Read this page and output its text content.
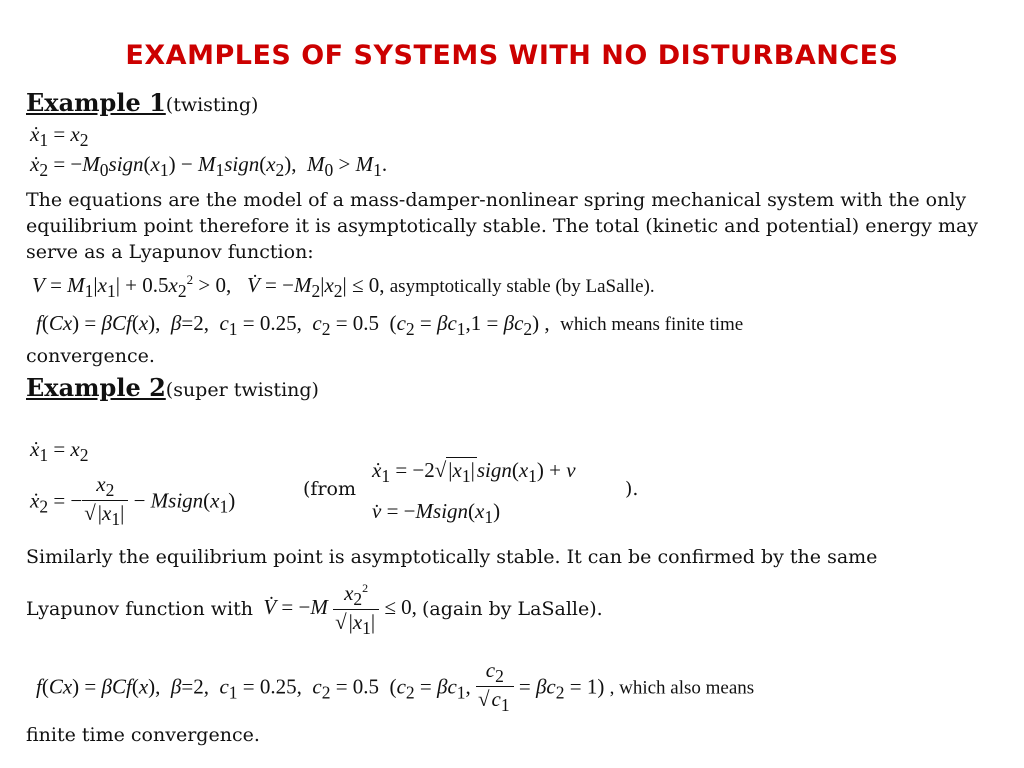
EXAMPLES OF SYSTEMS WITH NO DISTURBANCES
Example 1(twisting)
ẋ$_1$ = $x_2$
ẋ$_2$ = $-M_0sign(x_1)$ − $M_1sign(x_2)$,  $M_0 > M_1$.
The equations are the model of a mass-damper-nonlinear spring mechanical system with the only equilibrium point therefore it is asymptotically stable. The total (kinetic and potential) energy may serve as a Lyapunov function:
$V = M_1|x_1| + 0.5x_2^2 > 0$,   V̇ = $-M_2|x_2| \le 0$, asymptotically stable (by LaSalle).
f(Cx) = βCf(x),  β=2,  $c_1 = 0.25$,  $c_2 = 0.5$  $(c_2 = \beta c_1,1 = \beta c_2)$ ,  which means finite time
convergence.
Example 2(super twisting)
ẋ$_1$ = $x_2$
ẋ$_2$ = − $\frac{x_2}{√|x_1|}$ − $Msign(x_1)$	(from
ẋ$_1$ = $-2√|x_1|sign(x_1) + v$
v̇ = $-Msign(x_1)$
).
Similarly the equilibrium point is asymptotically stable. It can be confirmed by the same
Lyapunov function with V̇ = $-M \frac{x_2^2}{√|x_1|} \le 0$, (again by LaSalle).
f(Cx) = βCf(x),  β=2,  $c_1 = 0.25$,  $c_2 = 0.5$  ($c_2 = \beta c_1$, $\frac{c_2}{√c_1} = \beta c_2 = 1$) , which also means
finite time convergence.
